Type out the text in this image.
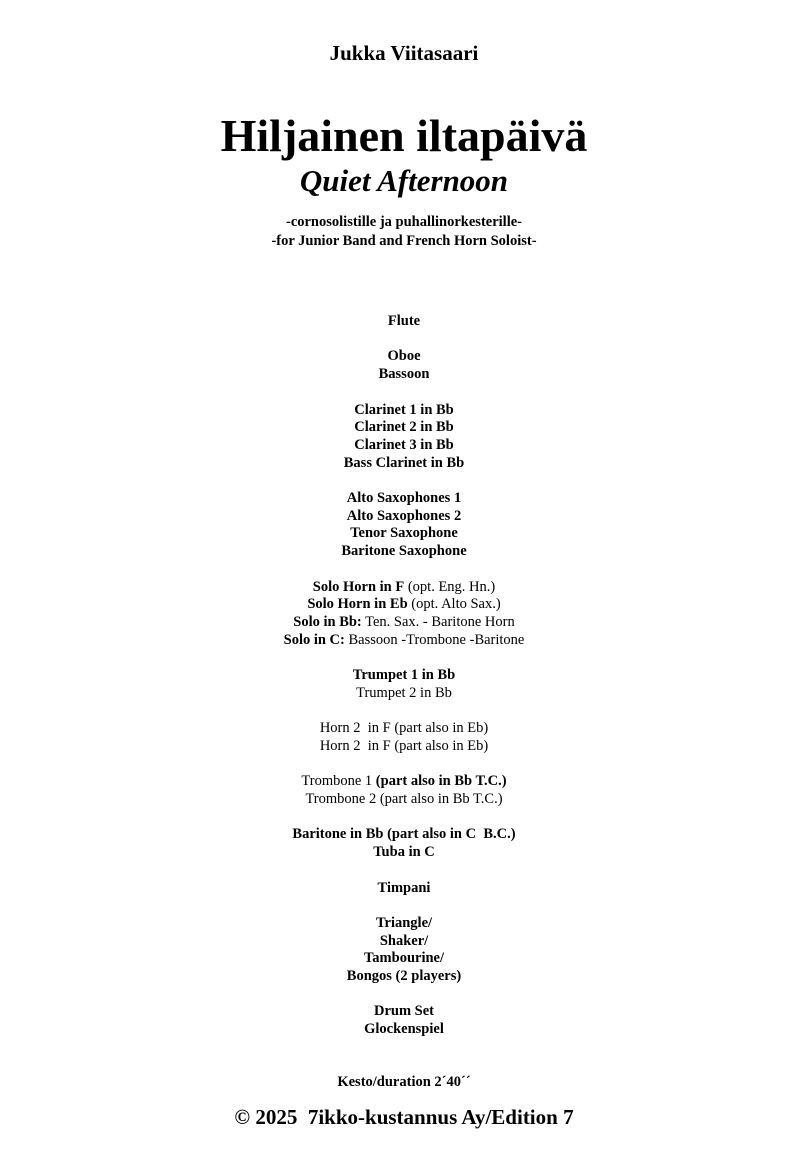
Jukka Viitasaari
Hiljainen iltapäivä
Quiet Afternoon
-cornosolistille ja puhallinorkesterille-
-for Junior Band and French Horn Soloist-
Flute

Oboe
Bassoon

Clarinet 1 in Bb
Clarinet 2 in Bb
Clarinet 3 in Bb
Bass Clarinet in Bb

Alto Saxophones 1
Alto Saxophones 2
Tenor Saxophone
Baritone Saxophone

Solo Horn in F (opt. Eng. Hn.)
Solo Horn in Eb (opt. Alto Sax.)
Solo in Bb: Ten. Sax. - Baritone Horn
Solo in C: Bassoon -Trombone -Baritone

Trumpet 1 in Bb
Trumpet 2 in Bb

Horn 2  in F (part also in Eb)
Horn 2  in F (part also in Eb)

Trombone 1 (part also in Bb T.C.)
Trombone 2 (part also in Bb T.C.)

Baritone in Bb (part also in C  B.C.)
Tuba in C

Timpani

Triangle/
Shaker/
Tambourine/
Bongos (2 players)

Drum Set
Glockenspiel
Kesto/duration 2´40´´
© 2025  7ikko-kustannus Ay/Edition 7
